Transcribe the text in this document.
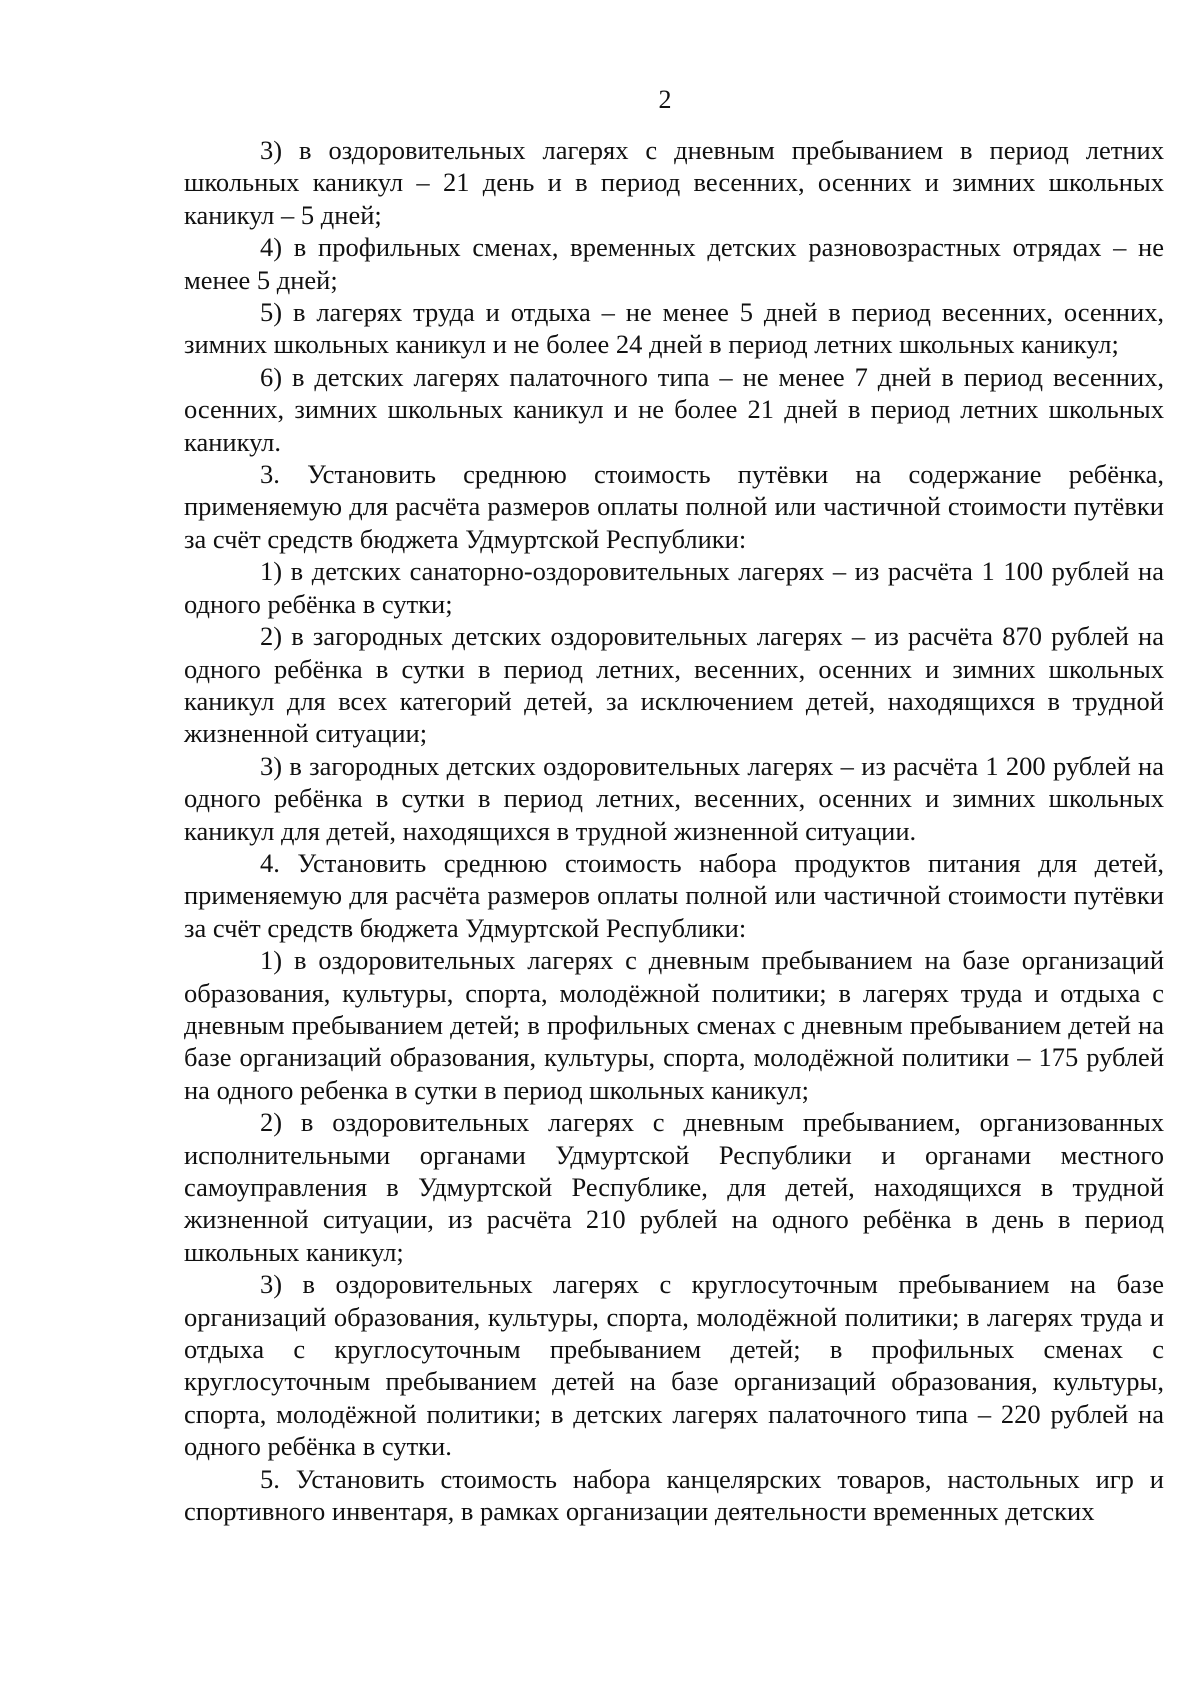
2

3) в оздоровительных лагерях с дневным пребыванием в период летних школьных каникул – 21 день и в период весенних, осенних и зимних школьных каникул – 5 дней;

4) в профильных сменах, временных детских разновозрастных отрядах – не менее 5 дней;

5) в лагерях труда и отдыха – не менее 5 дней в период весенних, осенних, зимних школьных каникул и не более 24 дней в период летних школьных каникул;

6) в детских лагерях палаточного типа – не менее 7 дней в период весенних, осенних, зимних школьных каникул и не более 21 дней в период летних школьных каникул.

3. Установить среднюю стоимость путёвки на содержание ребёнка, применяемую для расчёта размеров оплаты полной или частичной стоимости путёвки за счёт средств бюджета Удмуртской Республики:

1) в детских санаторно-оздоровительных лагерях – из расчёта 1 100 рублей на одного ребёнка в сутки;

2) в загородных детских оздоровительных лагерях – из расчёта 870 рублей на одного ребёнка в сутки в период летних, весенних, осенних и зимних школьных каникул для всех категорий детей, за исключением детей, находящихся в трудной жизненной ситуации;

3) в загородных детских оздоровительных лагерях – из расчёта 1 200 рублей на одного ребёнка в сутки в период летних, весенних, осенних и зимних школьных каникул для детей, находящихся в трудной жизненной ситуации.

4. Установить среднюю стоимость набора продуктов питания для детей, применяемую для расчёта размеров оплаты полной или частичной стоимости путёвки за счёт средств бюджета Удмуртской Республики:

1) в оздоровительных лагерях с дневным пребыванием на базе организаций образования, культуры, спорта, молодёжной политики; в лагерях труда и отдыха с дневным пребыванием детей; в профильных сменах с дневным пребыванием детей на базе организаций образования, культуры, спорта, молодёжной политики – 175 рублей на одного ребенка в сутки в период школьных каникул;

2) в оздоровительных лагерях с дневным пребыванием, организованных исполнительными органами Удмуртской Республики и органами местного самоуправления в Удмуртской Республике, для детей, находящихся в трудной жизненной ситуации, из расчёта 210 рублей на одного ребёнка в день в период школьных каникул;

3) в оздоровительных лагерях с круглосуточным пребыванием на базе организаций образования, культуры, спорта, молодёжной политики; в лагерях труда и отдыха с круглосуточным пребыванием детей; в профильных сменах с круглосуточным пребыванием детей на базе организаций образования, культуры, спорта, молодёжной политики; в детских лагерях палаточного типа – 220 рублей на одного ребёнка в сутки.

5. Установить стоимость набора канцелярских товаров, настольных игр и спортивного инвентаря, в рамках организации деятельности временных детских
